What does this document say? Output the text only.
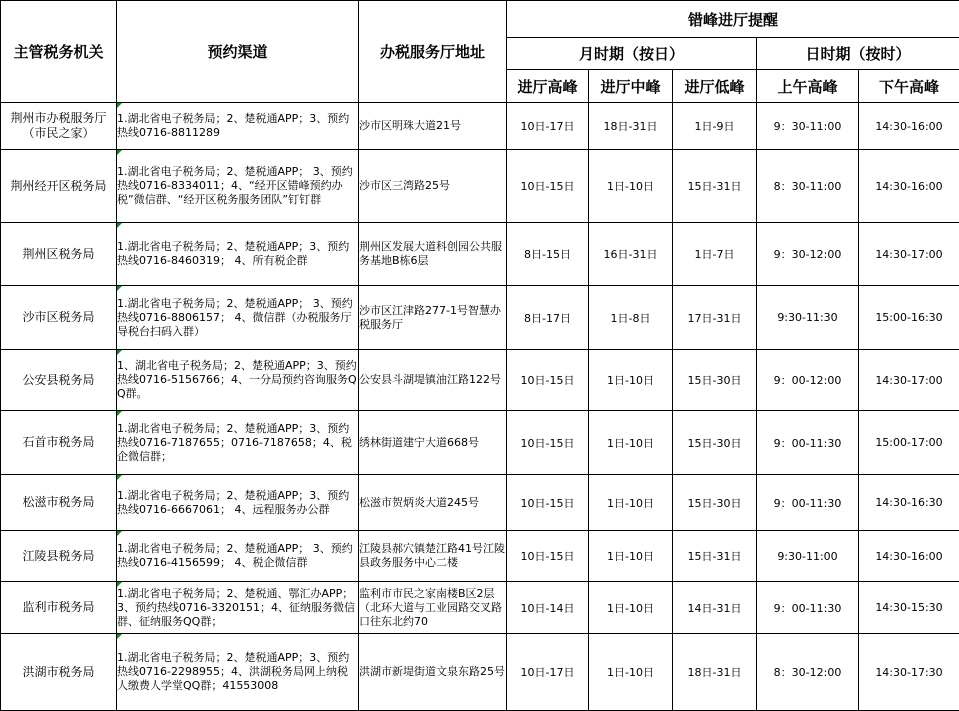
主管税务机关	预约渠道	办税服务厅地址	错峰进厅提醒				
			月时期（按日）			日时期（按时）	
			进厅高峰	进厅中峰	进厅低峰	上午高峰	下午高峰
荆州市办税服务厅（市民之家）	1.湖北省电子税务局；2、楚税通APP；3、预约热线0716-8811289	沙市区明珠大道21号	10日-17日	18日-31日	1日-9日	9：30-11:00	14:30-16:00
荆州经开区税务局	1.湖北省电子税务局；2、楚税通APP； 3、预约热线0716-8334011；4、“经开区错峰预约办税”微信群、“经开区税务服务团队”钉钉群	沙市区三湾路25号	10日-15日	1日-10日	15日-31日	8：30-11:00	14:30-16:00
荆州区税务局	1.湖北省电子税务局；2、楚税通APP；3、预约热线0716-8460319； 4、所有税企群	荆州区发展大道科创园公共服务基地B栋6层	8日-15日	16日-31日	1日-7日	9：30-12:00	14:30-17:00
沙市区税务局	1.湖北省电子税务局；2、楚税通APP； 3、预约热线0716-8806157； 4、微信群（办税服务厅导税台扫码入群）	沙市区江津路277-1号智慧办税服务厅	8日-17日	1日-8日	17日-31日	9:30-11:30	15:00-16:30
公安县税务局	1、湖北省电子税务局；2、楚税通APP；3、预约热线0716-5156766；4、一分局预约咨询服务QQ群。	公安县斗湖堤镇油江路122号	10日-15日	1日-10日	15日-30日	9：00-12:00	14:30-17:00
石首市税务局	1.湖北省电子税务局；2、楚税通APP；3、预约热线0716-7187655；0716-7187658；4、税企微信群；	绣林街道建宁大道668号	10日-15日	1日-10日	15日-30日	9：00-11:30	15:00-17:00
松滋市税务局	1.湖北省电子税务局；2、楚税通APP；3、预约热线0716-6667061； 4、远程服务办公群	松滋市贺炳炎大道245号	10日-15日	1日-10日	15日-30日	9：00-11:30	14:30-16:30
江陵县税务局	1.湖北省电子税务局；2、楚税通APP； 3、预约热线0716-4156599； 4、税企微信群	江陵县郝穴镇楚江路41号江陵县政务服务中心二楼	10日-15日	1日-10日	15日-31日	9:30-11:00	14:30-16:00
监利市税务局	1.湖北省电子税务局；2、楚税通、鄂汇办APP；3、预约热线0716-3320151；4、征纳服务微信群、征纳服务QQ群；	监利市市民之家南楼B区2层（北环大道与工业园路交叉路口往东北约70	10日-14日	1日-10日	14日-31日	9：00-11:30	14:30-15:30
洪湖市税务局	1.湖北省电子税务局；2、楚税通APP；3、预约热线0716-2298955；4、洪湖税务局网上纳税人缴费人学堂QQ群；41553008	洪湖市新堤街道文泉东路25号	10日-17日	1日-10日	18日-31日	8：30-12:00	14:30-17:30
